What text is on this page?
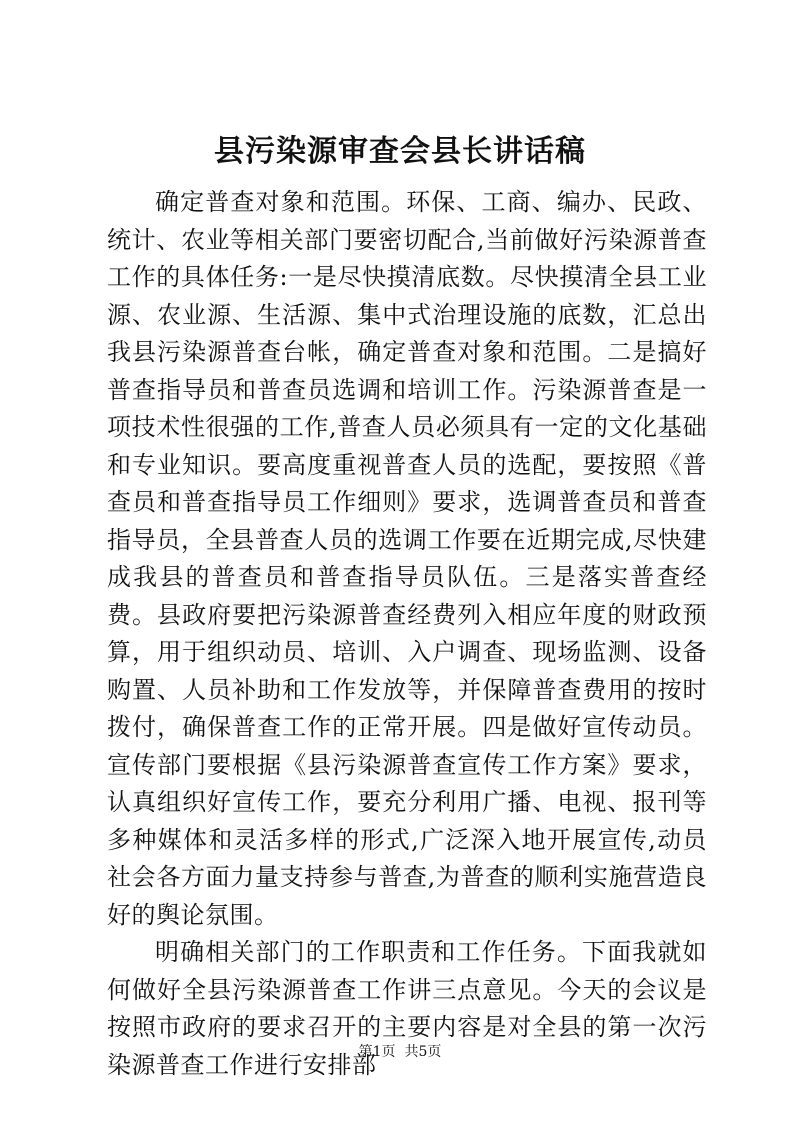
县污染源审查会县长讲话稿

确定普查对象和范围。环保、工商、编办、民政、统计、农业等相关部门要密切配合,当前做好污染源普查工作的具体任务:一是尽快摸清底数。尽快摸清全县工业源、农业源、生活源、集中式治理设施的底数，汇总出我县污染源普查台帐，确定普查对象和范围。二是搞好普查指导员和普查员选调和培训工作。污染源普查是一项技术性很强的工作,普查人员必须具有一定的文化基础和专业知识。要高度重视普查人员的选配，要按照《普查员和普查指导员工作细则》要求，选调普查员和普查指导员，全县普查人员的选调工作要在近期完成,尽快建成我县的普查员和普查指导员队伍。三是落实普查经费。县政府要把污染源普查经费列入相应年度的财政预算，用于组织动员、培训、入户调查、现场监测、设备购置、人员补助和工作发放等，并保障普查费用的按时拨付，确保普查工作的正常开展。四是做好宣传动员。宣传部门要根据《县污染源普查宣传工作方案》要求，认真组织好宣传工作，要充分利用广播、电视、报刊等多种媒体和灵活多样的形式,广泛深入地开展宣传,动员社会各方面力量支持参与普查,为普查的顺利实施营造良好的舆论氛围。

明确相关部门的工作职责和工作任务。下面我就如何做好全县污染源普查工作讲三点意见。今天的会议是按照市政府的要求召开的主要内容是对全县的第一次污染源普查工作进行安排部

第1页  共5页
